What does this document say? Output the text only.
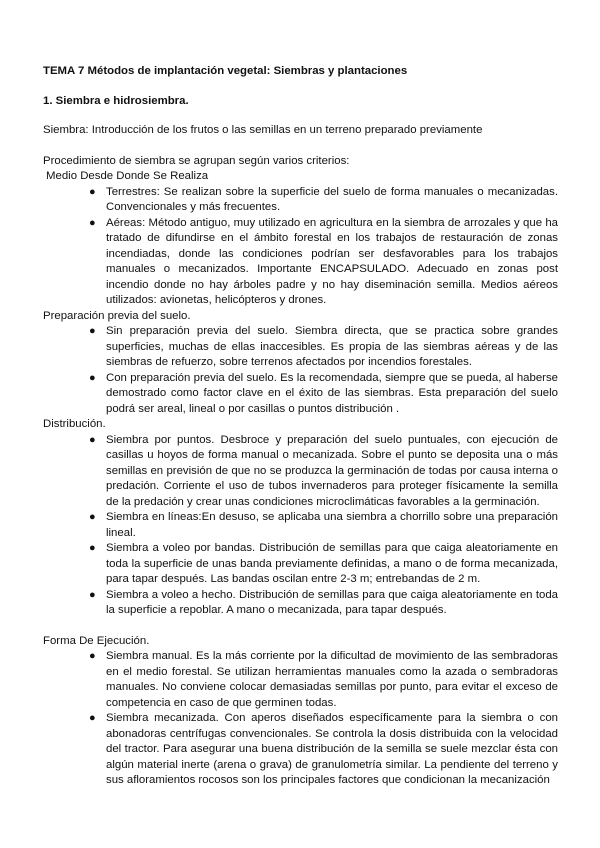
TEMA 7 Métodos de implantación vegetal: Siembras y plantaciones

1. Siembra e hidrosiembra.

Siembra: Introducción de los frutos o las semillas en un terreno preparado previamente

Procedimiento de siembra se agrupan según varios criterios:

Medio Desde Donde Se Realiza

● Terrestres: Se realizan sobre la superficie del suelo de forma manuales o mecanizadas. Convencionales y más frecuentes.
● Aéreas: Método antiguo, muy utilizado en agricultura en la siembra de arrozales y que ha tratado de difundirse en el ámbito forestal en los trabajos de restauración de zonas incendiadas, donde las condiciones podrían ser desfavorables para los trabajos manuales o mecanizados. Importante ENCAPSULADO. Adecuado en zonas post incendio donde no hay árboles padre y no hay diseminación semilla. Medios aéreos utilizados: avionetas, helicópteros y drones.

Preparación previa del suelo.

● Sin preparación previa del suelo. Siembra directa, que se practica sobre grandes superficies, muchas de ellas inaccesibles. Es propia de las siembras aéreas y de las siembras de refuerzo, sobre terrenos afectados por incendios forestales.
● Con preparación previa del suelo. Es la recomendada, siempre que se pueda, al haberse demostrado como factor clave en el éxito de las siembras. Esta preparación del suelo podrá ser areal, lineal o por casillas o puntos distribución .

Distribución.

● Siembra por puntos. Desbroce y preparación del suelo puntuales, con ejecución de casillas u hoyos de forma manual o mecanizada. Sobre el punto se deposita una o más semillas en previsión de que no se produzca la germinación de todas por causa interna o predación. Corriente el uso de tubos invernaderos para proteger físicamente la semilla de la predación y crear unas condiciones microclimáticas favorables a la germinación.
● Siembra en líneas:En desuso, se aplicaba una siembra a chorrillo sobre una preparación lineal.
● Siembra a voleo por bandas. Distribución de semillas para que caiga aleatoriamente en toda la superficie de unas banda previamente definidas, a mano o de forma mecanizada, para tapar después. Las bandas oscilan entre 2-3 m; entrebandas de 2 m.
● Siembra a voleo a hecho. Distribución de semillas para que caiga aleatoriamente en toda la superficie a repoblar. A mano o mecanizada, para tapar después.

Forma De Ejecución.

● Siembra manual. Es la más corriente por la dificultad de movimiento de las sembradoras en el medio forestal. Se utilizan herramientas manuales como la azada o sembradoras manuales. No conviene colocar demasiadas semillas por punto, para evitar el exceso de competencia en caso de que germinen todas.
● Siembra mecanizada. Con aperos diseñados específicamente para la siembra o con abonadoras centrífugas convencionales. Se controla la dosis distribuida con la velocidad del tractor. Para asegurar una buena distribución de la semilla se suele mezclar ésta con algún material inerte (arena o grava) de granulometría similar. La pendiente del terreno y sus afloramientos rocosos son los principales factores que condicionan la mecanización
